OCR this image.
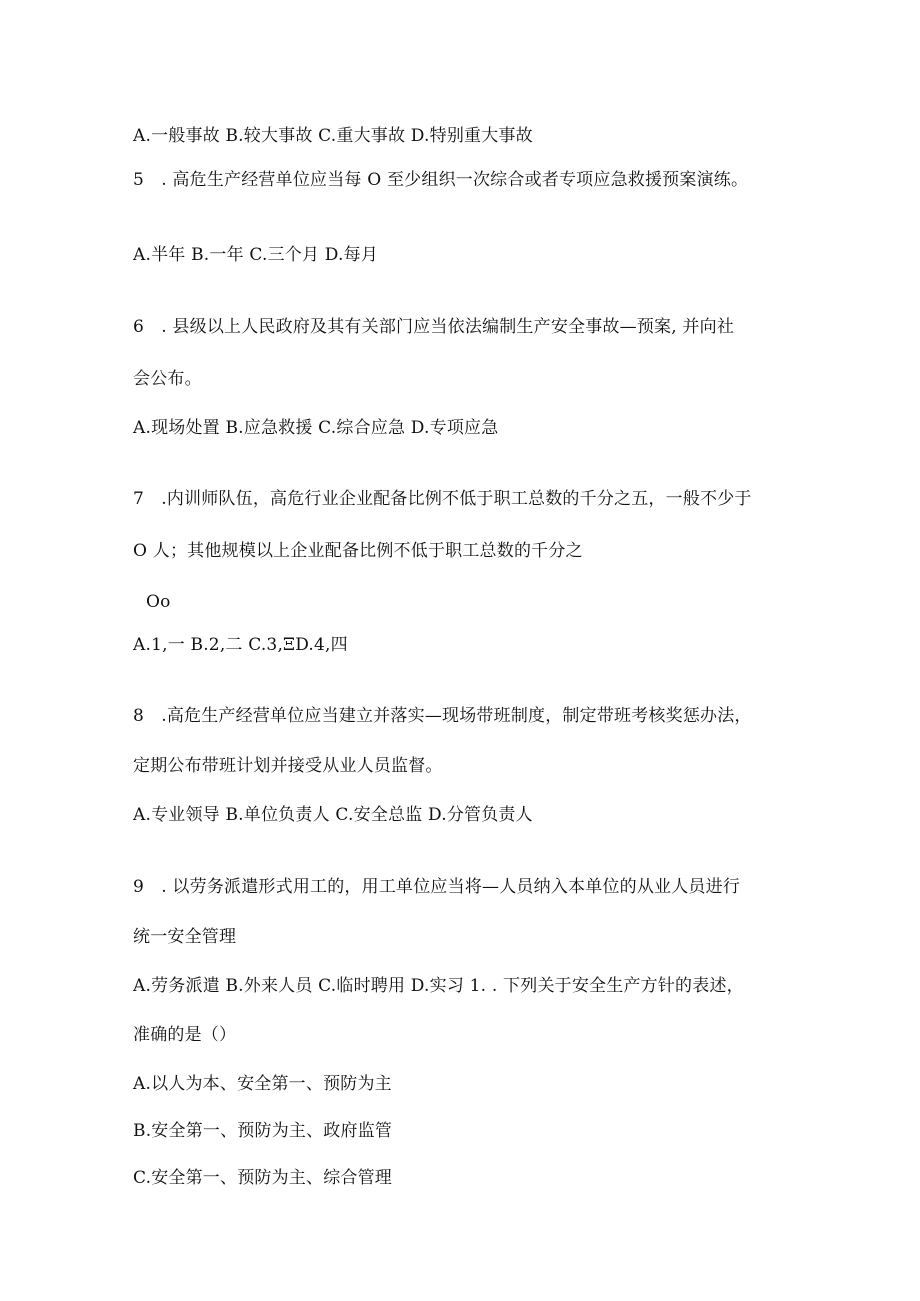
A.一般事故 B.较大事故 C.重大事故 D.特别重大事故
5　. 高危生产经营单位应当每 O 至少组织一次综合或者专项应急救援预案演练。
A.半年 B.一年 C.三个月 D.每月
6　. 县级以上人民政府及其有关部门应当依法编制生产安全事故—预案, 并向社
会公布。
A.现场处置 B.应急救援 C.综合应急 D.专项应急
7　.内训师队伍，高危行业企业配备比例不低于职工总数的千分之五，一般不少于
O 人；其他规模以上企业配备比例不低于职工总数的千分之
Oo
A.1,一 B.2,二 C.3,ΞD.4,四
8　.高危生产经营单位应当建立并落实—现场带班制度，制定带班考核奖惩办法，
定期公布带班计划并接受从业人员监督。
A.专业领导 B.单位负责人 C.安全总监 D.分管负责人
9　. 以劳务派遣形式用工的，用工单位应当将—人员纳入本单位的从业人员进行
统一安全管理
A.劳务派遣 B.外来人员 C.临时聘用 D.实习 1. . 下列关于安全生产方针的表述，
准确的是（）
A.以人为本、安全第一、预防为主
B.安全第一、预防为主、政府监管
C.安全第一、预防为主、综合管理
